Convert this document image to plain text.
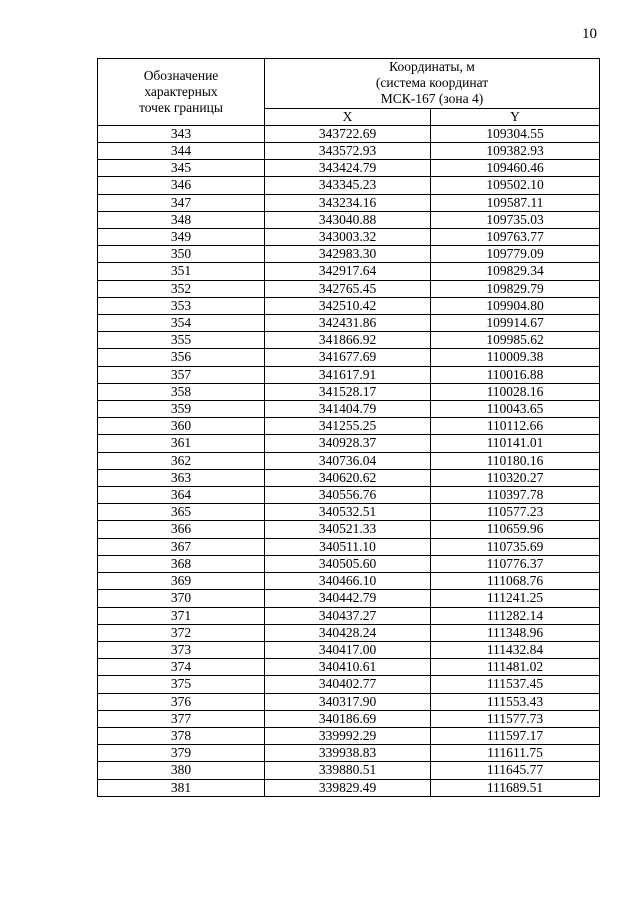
10
Обозначение
характерных
точек границы	Координаты, м
(система координат
МСК-167 (зона 4)	

	X	Y
343	343722.69	109304.55
344	343572.93	109382.93
345	343424.79	109460.46
346	343345.23	109502.10
347	343234.16	109587.11
348	343040.88	109735.03
349	343003.32	109763.77
350	342983.30	109779.09
351	342917.64	109829.34
352	342765.45	109829.79
353	342510.42	109904.80
354	342431.86	109914.67
355	341866.92	109985.62
356	341677.69	110009.38
357	341617.91	110016.88
358	341528.17	110028.16
359	341404.79	110043.65
360	341255.25	110112.66
361	340928.37	110141.01
362	340736.04	110180.16
363	340620.62	110320.27
364	340556.76	110397.78
365	340532.51	110577.23
366	340521.33	110659.96
367	340511.10	110735.69
368	340505.60	110776.37
369	340466.10	111068.76
370	340442.79	111241.25
371	340437.27	111282.14
372	340428.24	111348.96
373	340417.00	111432.84
374	340410.61	111481.02
375	340402.77	111537.45
376	340317.90	111553.43
377	340186.69	111577.73
378	339992.29	111597.17
379	339938.83	111611.75
380	339880.51	111645.77
381	339829.49	111689.51
